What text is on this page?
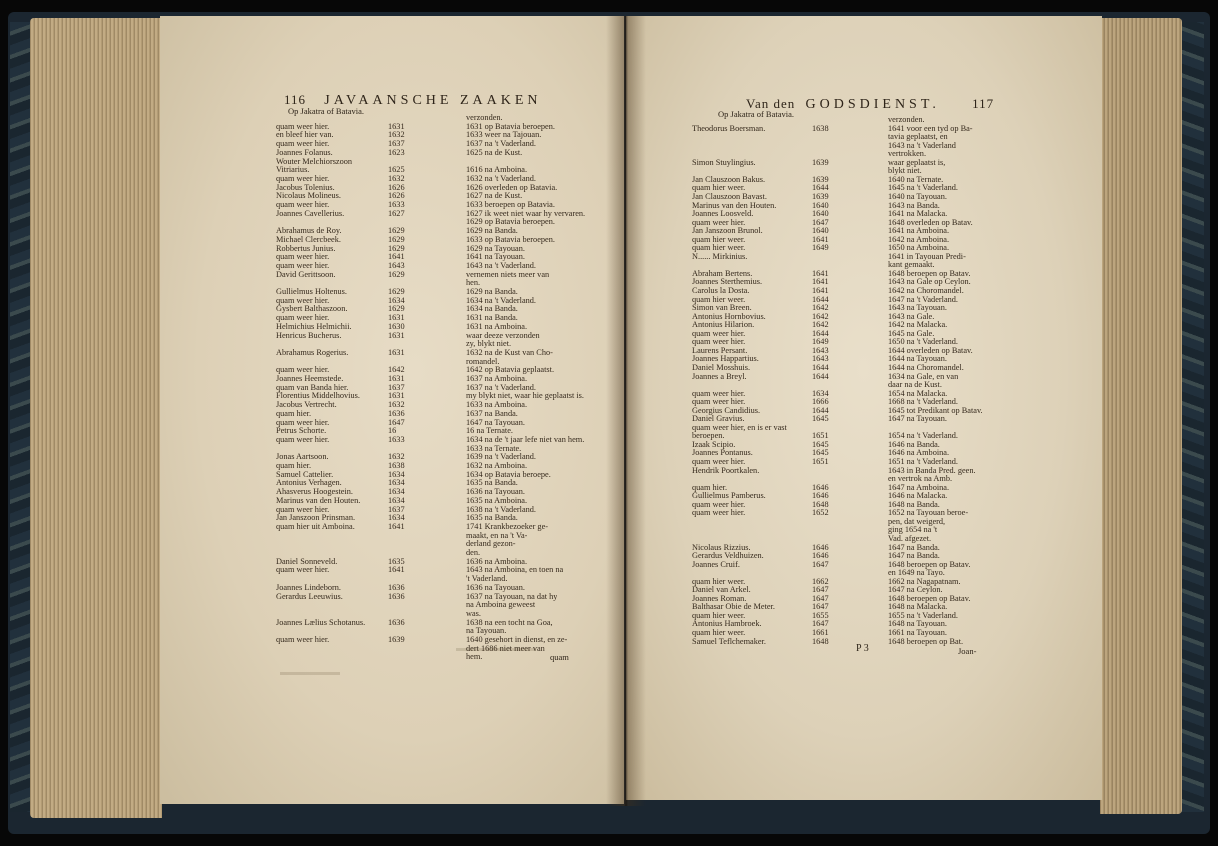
116 JAVAANSCHE ZAAKEN
Op Jakatra of Batavia.
verzonden.
quam weer hier.	1631	1631 op Batavia beroepen.
en bleef hier van.	1632	1633 weer na Tajouan.
quam weer hier.	1637	1637 na 't Vaderland.
Joannes Folanus.	1623	1625 na de Kust.
Wouter Melchiorszoon
Vitriarius.	1625	1616 na Amboina.
quam weer hier.	1632	1632 na 't Vaderland.
Jacobus Tolenius.	1626	1626 overleden op Batavia.
Nicolaus Molineus.	1626	1627 na de Kust.
quam weer hier.	1633	1633 beroepen op Batavia.
Joannes Cavellerius.	1627	1627 ik weet niet waar hy vervaren.
1629 op Batavia beroepen.
Abrahamus de Roy.	1629	1629 na Banda.
Michael Clercbeek.	1629	1633 op Batavia beroepen.
Robbertus Junius.	1629	1629 na Tayouan.
quam weer hier.	1641	1641 na Tayouan.
quam weer hier.	1643	1643 na 't Vaderland.
David Gerittsoon.	1629	vernemen niets meer van
hen.
Gullielmus Holtenus.	1629	1629 na Banda.
quam weer hier.	1634	1634 na 't Vaderland.
Gysbert Balthaszoon.	1629	1634 na Banda.
quam weer hier.	1631	1631 na Banda.
Helmichius Helmichii.	1630	1631 na Amboina.
Henricus Bucherus.	1631	waar deeze verzonden
zy, blykt niet.
Abrahamus Rogerius.	1631	1632 na de Kust van Cho-
romandel.
quam weer hier.	1642	1642 op Batavia geplaatst.
Joannes Heemstede.	1631	1637 na Amboina.
quam van Banda hier.	1637	1637 na 't Vaderland.
Florentius Middelhovius.	1631	my blykt niet, waar hie geplaatst is.
Jacobus Vertrecht.	1632	1633 na Amboina.
quam hier.	1636	1637 na Banda.
quam weer hier.	1647	1647 na Tayouan.
Petrus Schorte.	16	16 na Ternate.
quam weer hier.	1633	1634 na de 't jaar lefe niet van hem.
1633 na Ternate.
Jonas Aartsoon.	1632	1639 na 't Vaderland.
quam hier.	1638	1632 na Amboina.
Samuel Cattelier.	1634	1634 op Batavia beroepe.
Antonius Verhagen.	1634	1635 na Banda.
Ahasverus Hoogestein.	1634	1636 na Tayouan.
Marinus van den Houten.	1634	1635 na Amboina.
quam weer hier.	1637	1638 na 't Vaderland.
Jan Janszoon Prinsman.	1634	1635 na Banda.
quam hier uit Amboina.	1641	1741 Krankbezoeker ge-
maakt, en na 't Va-
derland gezon-
den.
Daniel Sonneveld.	1635	1636 na Amboina.
quam weer hier.	1641	1643 na Amboina, en toen na
't Vaderland.
Joannes Lindeborn.	1636	1636 na Tayouan.
Gerardus Leeuwius.	1636	1637 na Tayouan, na dat hy
na Amboina geweest
was.
Joannes Lælius Schotanus.	1636	1638 na een tocht na Goa,
na Tayouan.
quam weer hier.	1639	1640 gesehort in dienst, en ze-
dert 1686 niet meer van
hem.	quam
Van den GODSDIENST. 117
Op Jakatra of Batavia.
verzonden.
Theodorus Boersman.	1638	1641 voor een tyd op Ba-
tavia geplaatst, en
1643 na 't Vaderland
vertrokken.
Simon Stuylingius.	1639	waar geplaatst is,
blykt niet.
Jan Clauszoon Bakus.	1639	1640 na Ternate.
quam hier weer.	1644	1645 na 't Vaderland.
Jan Clauszoon Bavast.	1639	1640 na Tayouan.
Marinus van den Houten.	1640	1643 na Banda.
Joannes Loosveld.	1640	1641 na Malacka.
quam weer hier.	1647	1648 overleden op Batav.
Jan Janszoon Brunol.	1640	1641 na Amboina.
quam hier weer.	1641	1642 na Amboina.
quam hier weer.	1649	1650 na Amboina.
N...... Mirkinius.	1641 in Tayouan Predi-
kant gemaakt.
Abraham Bertens.	1641	1648 beroepen op Batav.
Joannes Sterthemius.	1641	1643 na Gale op Ceylon.
Carolus la Dosta.	1641	1642 na Choromandel.
quam hier weer.	1644	1647 na 't Vaderland.
Simon van Breen.	1642	1643 na Tayouan.
Antonius Hornbovius.	1642	1643 na Gale.
Antonius Hilarion.	1642	1642 na Malacka.
quam weer hier.	1644	1645 na Gale.
quam weer hier.	1649	1650 na 't Vaderland.
Laurens Persant.	1643	1644 overleden op Batav.
Joannes Happartius.	1643	1644 na Tayouan.
Daniel Mosshuis.	1644	1644 na Choromandel.
Joannes a Breyl.	1644	1634 na Gale, en van
daar na de Kust.
quam weer hier.	1634	1654 na Malacka.
quam weer hier.	1666	1668 na 't Vaderland.
Georgius Candidius.	1644	1645 tot Predikant op Batav.
Daniel Gravius.	1645	1647 na Tayouan.
quam weer hier, en is er vast
beroepen.	1651	1654 na 't Vaderland.
Izaak Scipio.	1645	1646 na Banda.
Joannes Pontanus.	1645	1646 na Amboina.
quam weer hier.	1651	1651 na 't Vaderland.
Hendrik Poortkalen.	1643 in Banda Pred. geen.
en vertrok na Amb.
quam hier.	1646	1647 na Amboina.
Gullielmus Pamberus.	1646	1646 na Malacka.
quam weer hier.	1648	1648 na Banda.
quam weer hier.	1652	1652 na Tayouan beroe-
pen, dat weigerd,
ging 1654 na 't
Vad. afgezet.
Nicolaus Rizzius.	1646	1647 na Banda.
Gerardus Veldhuizen.	1646	1647 na Banda.
Joannes Cruif.	1647	1648 beroepen op Batav.
en 1649 na Tayo.
quam hier weer.	1662	1662 na Nagapatnam.
Daniel van Arkel.	1647	1647 na Ceylon.
Joannes Roman.	1647	1648 beroepen op Batav.
Balthasar Obie de Meter.	1647	1648 na Malacka.
quam hier weer.	1655	1655 na 't Vaderland.
Antonius Hambroek.	1647	1648 na Tayouan.
quam hier weer.	1661	1661 na Tayouan.
Samuel Teflchemaker.	1648	1648 beroepen op Bat.
P 3	Joan-
